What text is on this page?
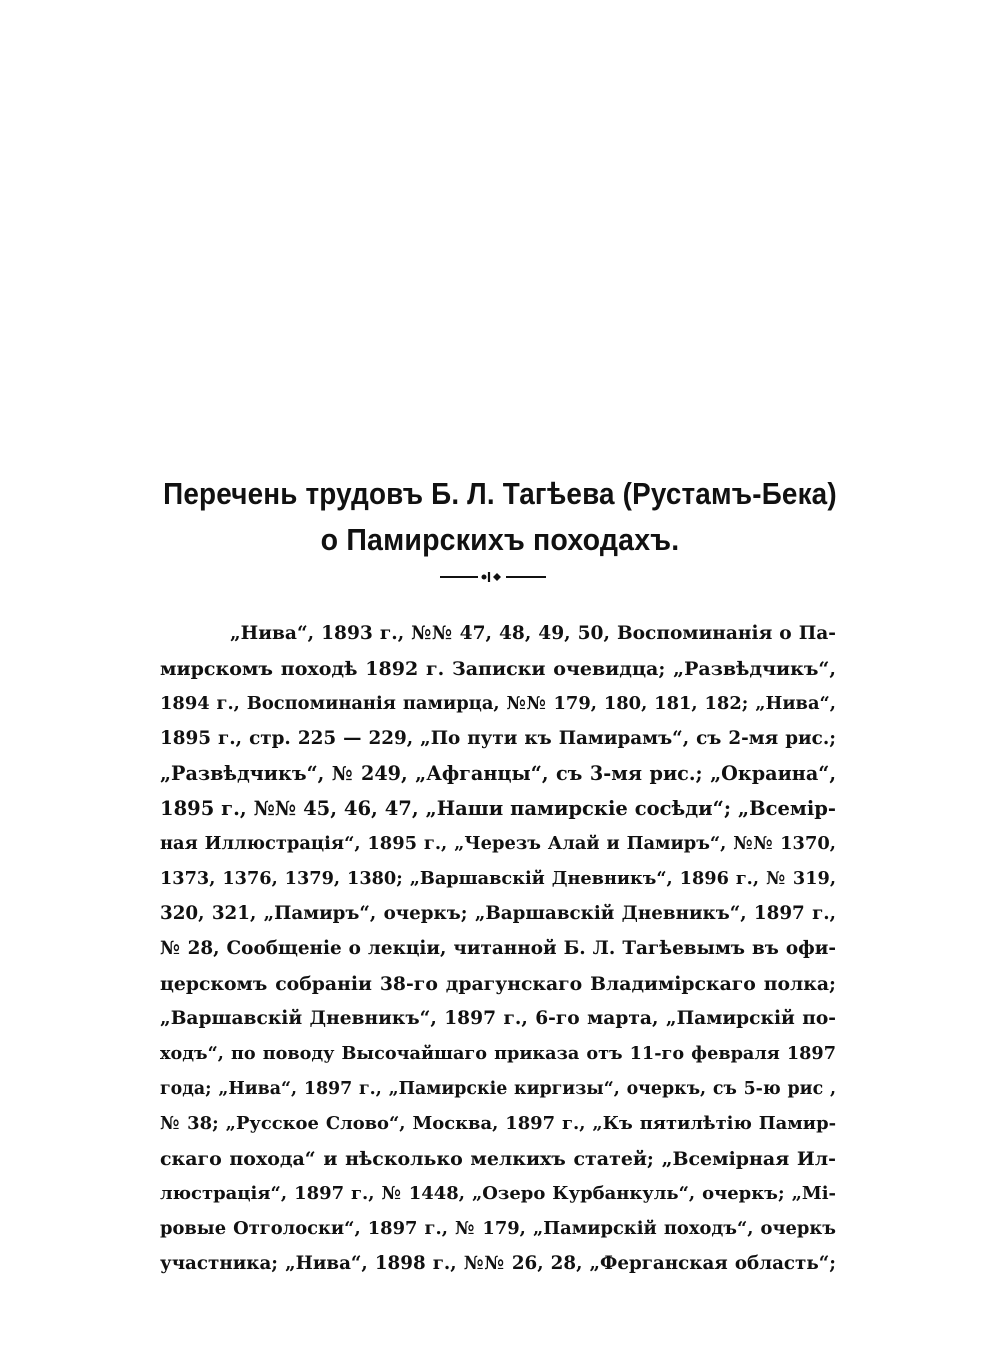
Перечень трудовъ Б. Л. Тагѣева (Рустамъ-Бека)
о Памирскихъ походахъ.
„Нива“, 1893 г., №№ 47, 48, 49, 50, Воспоминанія о Па-
мирскомъ походѣ 1892 г. Записки очевидца; „Развѣдчикъ“,
1894 г., Воспоминанія памирца, №№ 179, 180, 181, 182; „Нива“,
1895 г., стр. 225 — 229, „По пути къ Памирамъ“, съ 2-мя рис.;
„Развѣдчикъ“, № 249, „Афганцы“, съ 3-мя рис.; „Окраина“,
1895 г., №№ 45, 46, 47, „Наши памирскіе сосѣди“; „Всемір-
ная Иллюстрація“, 1895 г., „Черезъ Алай и Памиръ“, №№ 1370,
1373, 1376, 1379, 1380; „Варшавскій Дневникъ“, 1896 г., № 319,
320, 321, „Памиръ“, очеркъ; „Варшавскій Дневникъ“, 1897 г.,
№ 28, Сообщеніе о лекціи, читанной Б. Л. Тагѣевымъ въ офи-
церскомъ собраніи 38-го драгунскаго Владимірскаго полка;
„Варшавскій Дневникъ“, 1897 г., 6-го марта, „Памирскій по-
ходъ“, по поводу Высочайшаго приказа отъ 11-го февраля 1897
года; „Нива“, 1897 г., „Памирскіе киргизы“, очеркъ, съ 5-ю рис ,
№ 38; „Русское Слово“, Москва, 1897 г., „Къ пятилѣтію Памир-
скаго похода“ и нѣсколько мелкихъ статей; „Всемірная Ил-
люстрація“, 1897 г., № 1448, „Озеро Курбанкуль“, очеркъ; „Мі-
ровые Отголоски“, 1897 г., № 179, „Памирскій походъ“, очеркъ
участника; „Нива“, 1898 г., №№ 26, 28, „Ферганская область“;
